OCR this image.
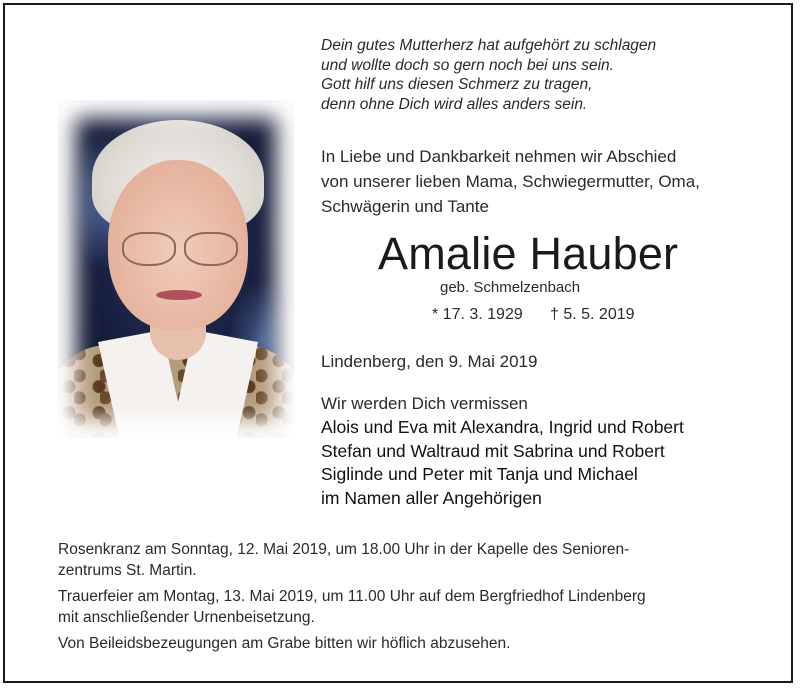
Dein gutes Mutterherz hat aufgehört zu schlagen
und wollte doch so gern noch bei uns sein.
Gott hilf uns diesen Schmerz zu tragen,
denn ohne Dich wird alles anders sein.
In Liebe und Dankbarkeit nehmen wir Abschied
von unserer lieben Mama, Schwiegermutter, Oma,
Schwägerin und Tante
Amalie Hauber
geb. Schmelzenbach
* 17. 3. 1929 † 5. 5. 2019
Lindenberg, den 9. Mai 2019
Wir werden Dich vermissen
Alois und Eva mit Alexandra, Ingrid und Robert
Stefan und Waltraud mit Sabrina und Robert
Siglinde und Peter mit Tanja und Michael
im Namen aller Angehörigen

Rosenkranz am Sonntag, 12. Mai 2019, um 18.00 Uhr in der Kapelle des Senioren-
zentrums St. Martin.

Trauerfeier am Montag, 13. Mai 2019, um 11.00 Uhr auf dem Bergfriedhof Lindenberg
mit anschließender Urnenbeisetzung.

Von Beileidsbezeugungen am Grabe bitten wir höflich abzusehen.
